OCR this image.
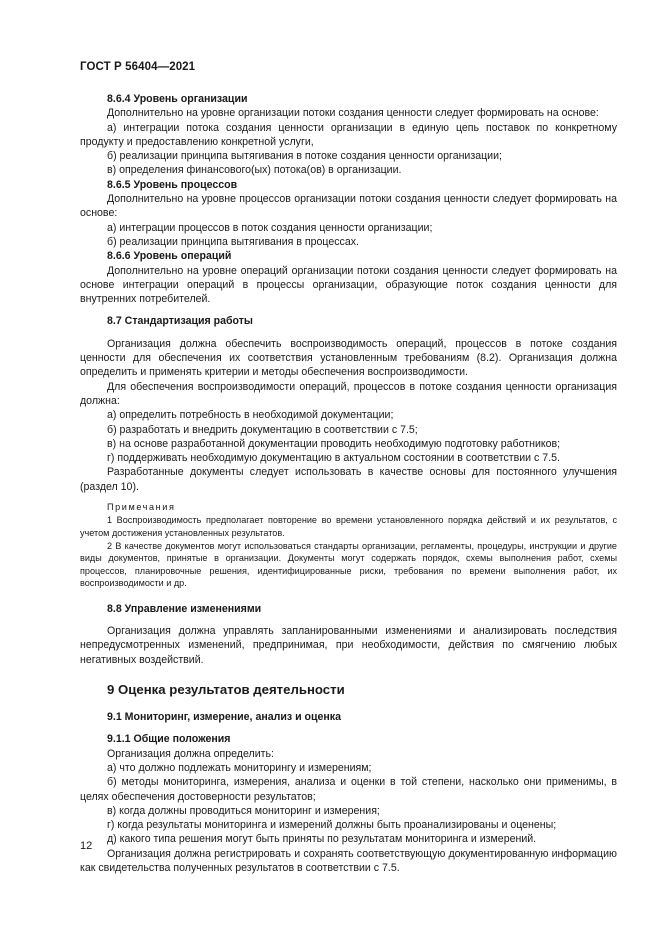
ГОСТ Р 56404—2021

8.6.4 Уровень организации

Дополнительно на уровне организации потоки создания ценности следует формировать на основе:

а) интеграции потока создания ценности организации в единую цепь поставок по конкретному продукту и предоставлению конкретной услуги,

б) реализации принципа вытягивания в потоке создания ценности организации;

в) определения финансового(ых) потока(ов) в организации.

8.6.5 Уровень процессов

Дополнительно на уровне процессов организации потоки создания ценности следует формировать на основе:

а) интеграции процессов в поток создания ценности организации;

б) реализации принципа вытягивания в процессах.

8.6.6 Уровень операций

Дополнительно на уровне операций организации потоки создания ценности следует формировать на основе интеграции операций в процессы организации, образующие поток создания ценности для внутренних потребителей.

8.7 Стандартизация работы

Организация должна обеспечить воспроизводимость операций, процессов в потоке создания ценности для обеспечения их соответствия установленным требованиям (8.2). Организация должна определить и применять критерии и методы обеспечения воспроизводимости.

Для обеспечения воспроизводимости операций, процессов в потоке создания ценности организация должна:

а) определить потребность в необходимой документации;

б) разработать и внедрить документацию в соответствии с 7.5;

в) на основе разработанной документации проводить необходимую подготовку работников;

г) поддерживать необходимую документацию в актуальном состоянии в соответствии с 7.5.

Разработанные документы следует использовать в качестве основы для постоянного улучшения (раздел 10).

Примечания

1 Воспроизводимость предполагает повторение во времени установленного порядка действий и их результатов, с учетом достижения установленных результатов.

2 В качестве документов могут использоваться стандарты организации, регламенты, процедуры, инструкции и другие виды документов, принятые в организации. Документы могут содержать порядок, схемы выполнения работ, схемы процессов, планировочные решения, идентифицированные риски, требования по времени выполнения работ, их воспроизводимости и др.

8.8 Управление изменениями

Организация должна управлять запланированными изменениями и анализировать последствия непредусмотренных изменений, предпринимая, при необходимости, действия по смягчению любых негативных воздействий.

9 Оценка результатов деятельности

9.1 Мониторинг, измерение, анализ и оценка

9.1.1 Общие положения

Организация должна определить:

а) что должно подлежать мониторингу и измерениям;

б) методы мониторинга, измерения, анализа и оценки в той степени, насколько они применимы, в целях обеспечения достоверности результатов;

в) когда должны проводиться мониторинг и измерения;

г) когда результаты мониторинга и измерений должны быть проанализированы и оценены;

д) какого типа решения могут быть приняты по результатам мониторинга и измерений.

Организация должна регистрировать и сохранять соответствующую документированную информацию как свидетельства полученных результатов в соответствии с 7.5.

12
